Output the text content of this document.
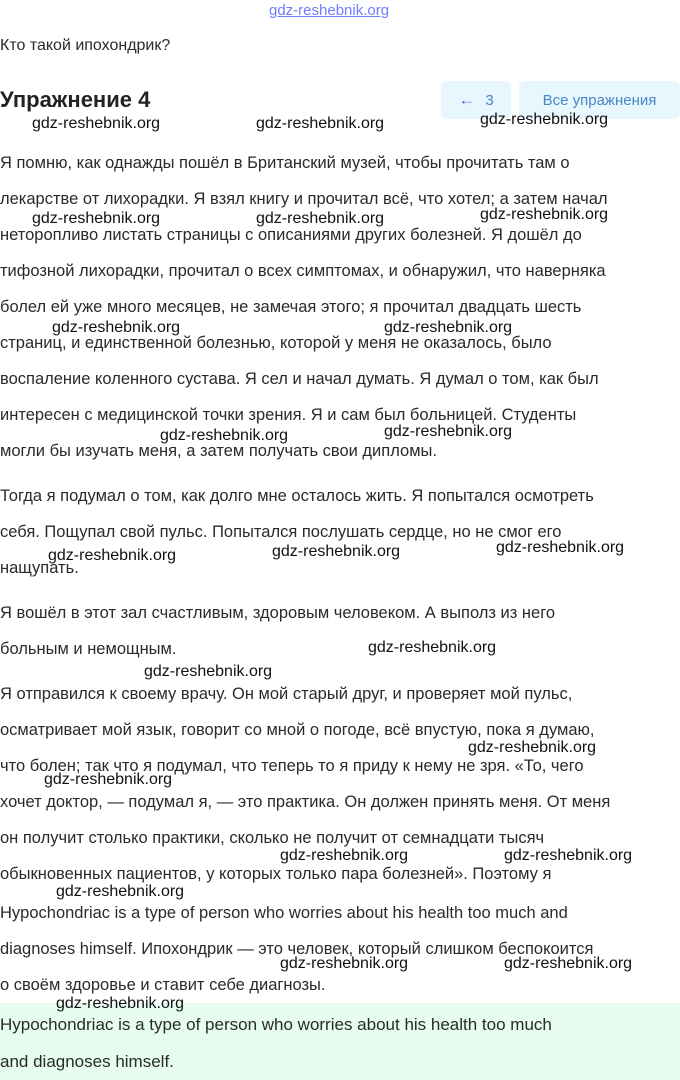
gdz-reshebnik.org
Кто такой ипохондрик?
Упражнение 4	← 3	Все упражнения
Я помню, как однажды пошёл в Британский музей, чтобы прочитать там о
лекарстве от лихорадки. Я взял книгу и прочитал всё, что хотел; а затем начал
неторопливо листать страницы с описаниями других болезней. Я дошёл до
тифозной лихорадки, прочитал о всех симптомах, и обнаружил, что наверняка
болел ей уже много месяцев, не замечая этого; я прочитал двадцать шесть
страниц, и единственной болезнью, которой у меня не оказалось, было
воспаление коленного сустава. Я сел и начал думать. Я думал о том, как был
интересен с медицинской точки зрения. Я и сам был больницей. Студенты
могли бы изучать меня, а затем получать свои дипломы.
Тогда я подумал о том, как долго мне осталось жить. Я попытался осмотреть
себя. Пощупал свой пульс. Попытался послушать сердце, но не смог его
нащупать.
Я вошёл в этот зал счастливым, здоровым человеком. А выполз из него
больным и немощным.
Я отправился к своему врачу. Он мой старый друг, и проверяет мой пульс,
осматривает мой язык, говорит со мной о погоде, всё впустую, пока я думаю,
что болен; так что я подумал, что теперь то я приду к нему не зря. «То, чего
хочет доктор, — подумал я, — это практика. Он должен принять меня. От меня
он получит столько практики, сколько не получит от семнадцати тысяч
обыкновенных пациентов, у которых только пара болезней». Поэтому я
Hypochondriac is a type of person who worries about his health too much and
diagnoses himself. Ипохондрик — это человек, который слишком беспокоится
о своём здоровье и ставит себе диагнозы.
Hypochondriac is a type of person who worries about his health too much
and diagnoses himself.
gdz-reshebnik.org	gdz-reshebnik.org	gdz-reshebnik.org
gdz-reshebnik.org	gdz-reshebnik.org	gdz-reshebnik.org
gdz-reshebnik.org	gdz-reshebnik.org
gdz-reshebnik.org	gdz-reshebnik.org
gdz-reshebnik.org	gdz-reshebnik.org	gdz-reshebnik.org
gdz-reshebnik.org
gdz-reshebnik.org
gdz-reshebnik.org
gdz-reshebnik.org
gdz-reshebnik.org	gdz-reshebnik.org
gdz-reshebnik.org
gdz-reshebnik.org	gdz-reshebnik.org
gdz-reshebnik.org
